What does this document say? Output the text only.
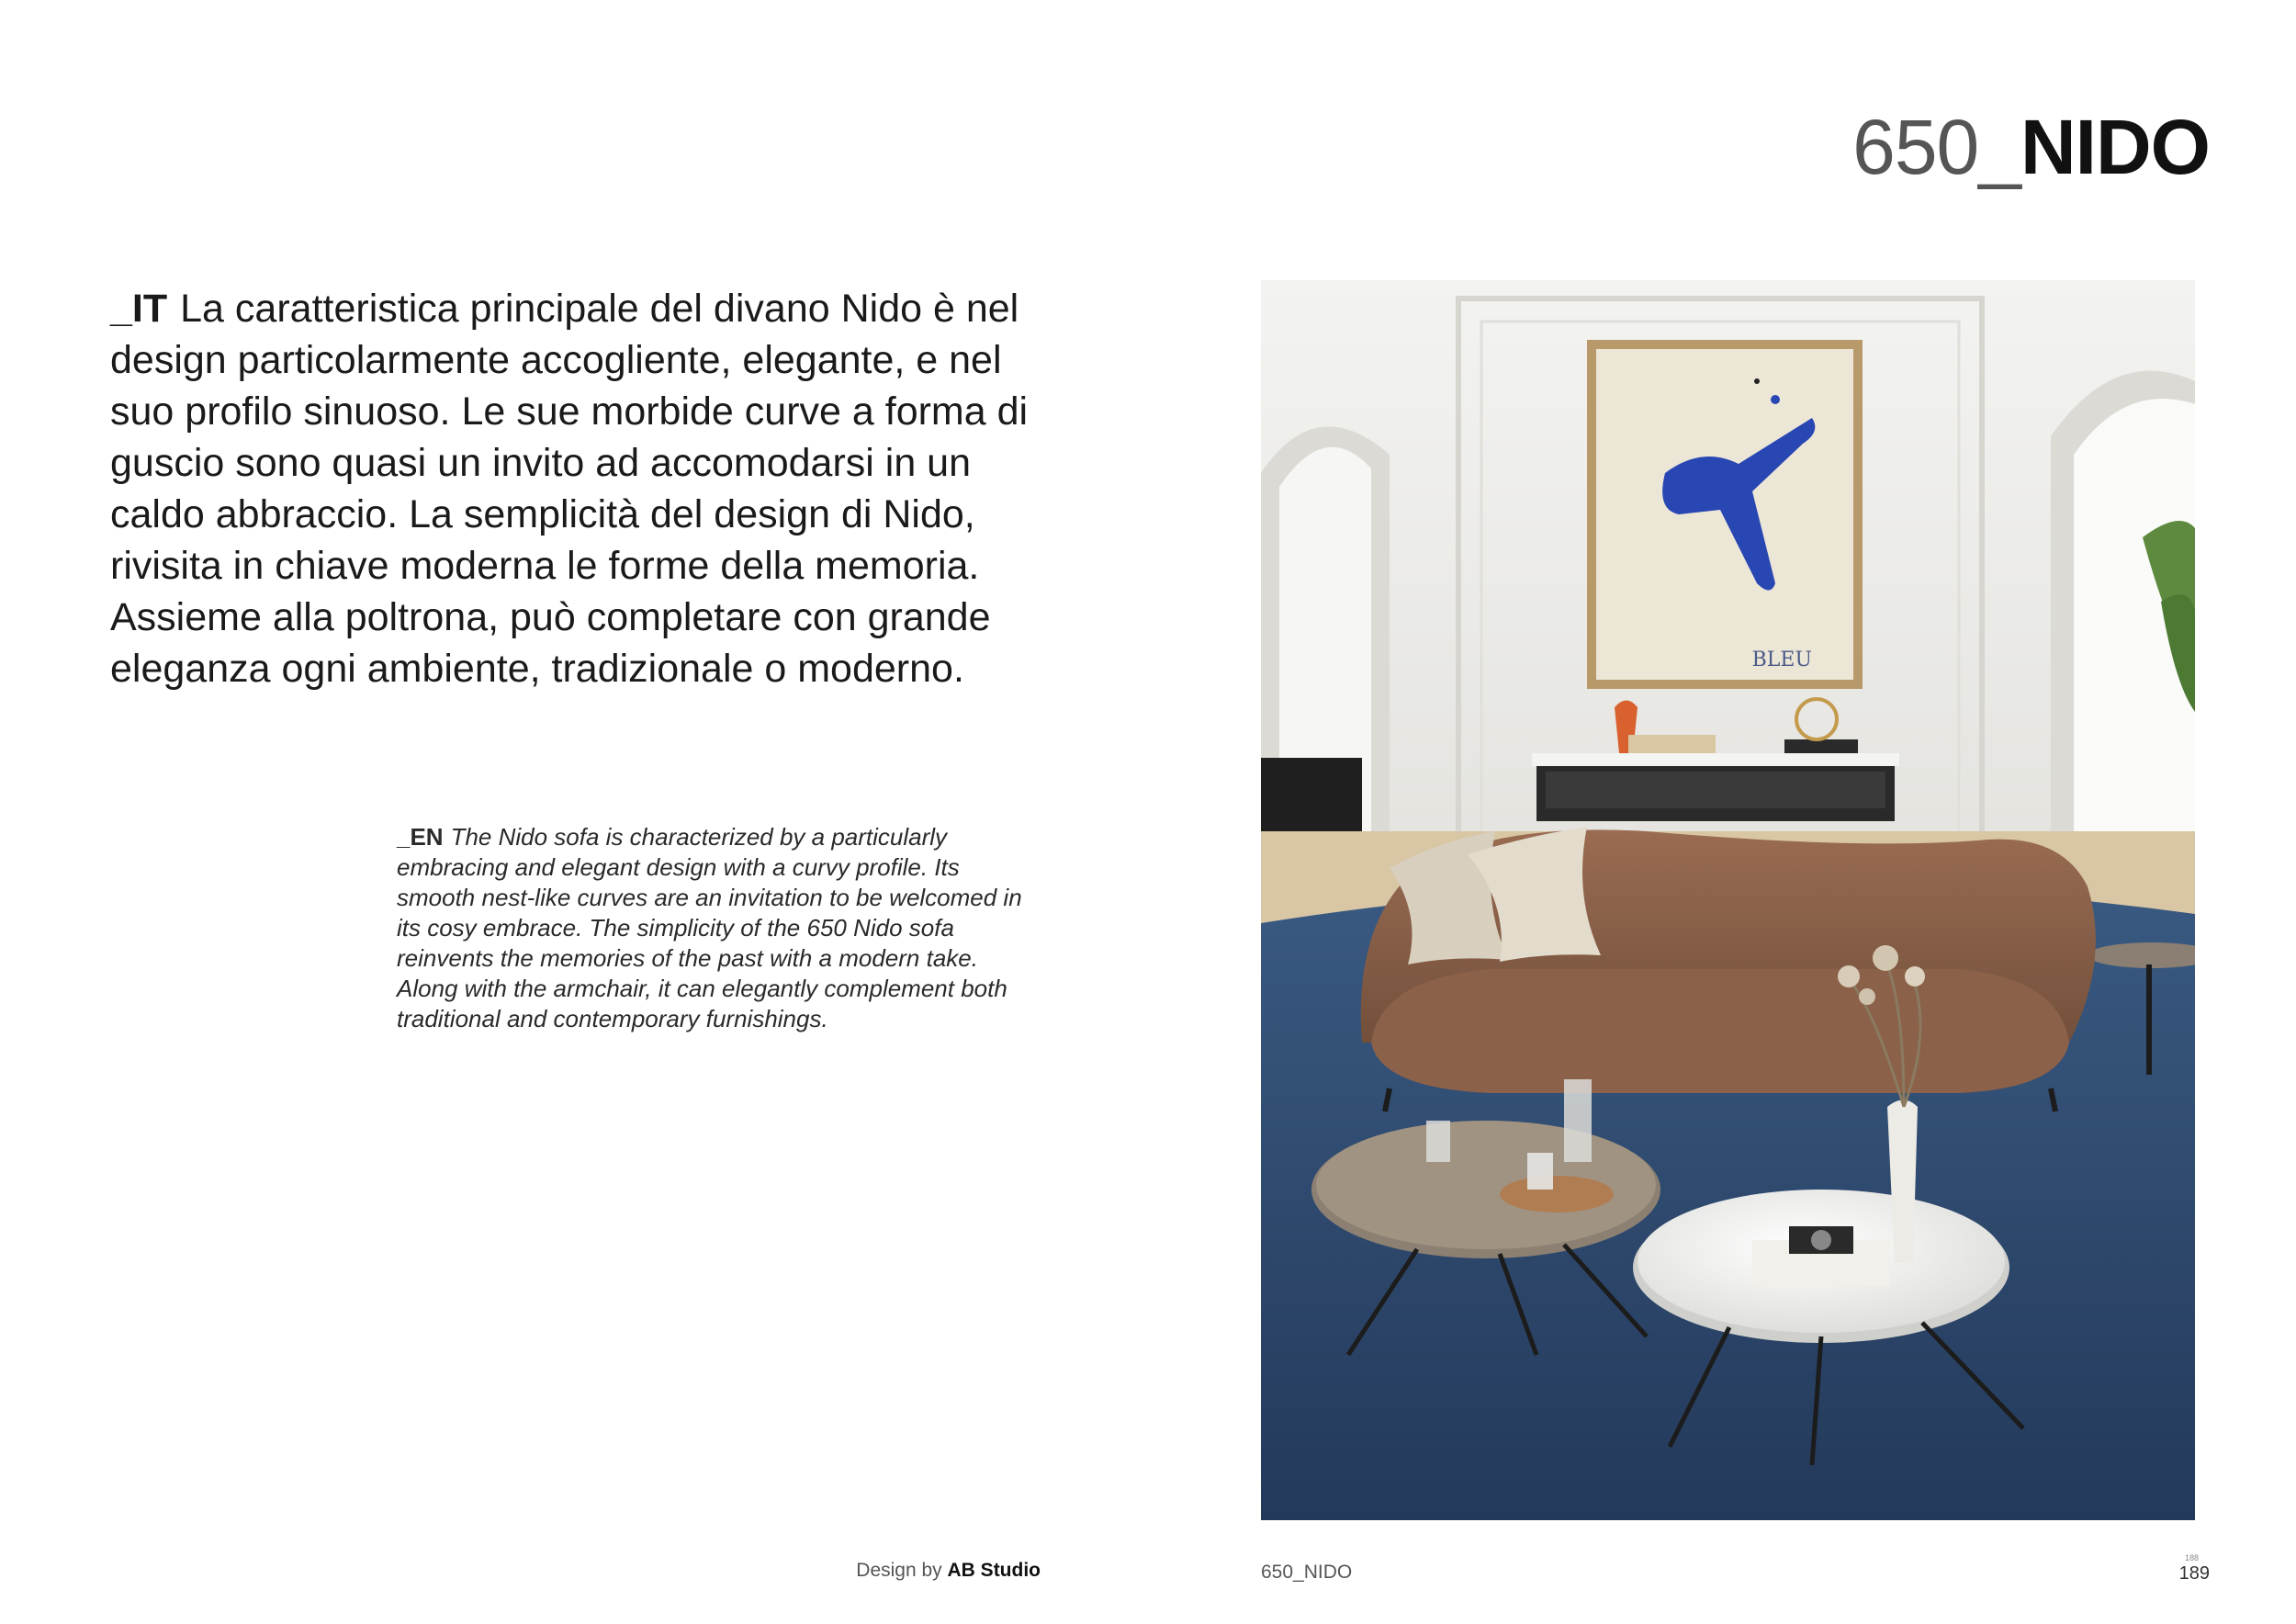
650_NIDO
_IT La caratteristica principale del divano Nido è nel design particolarmente accogliente, elegante, e nel suo profilo sinuoso. Le sue morbide curve a forma di guscio sono quasi un invito ad accomodarsi in un caldo abbraccio. La semplicità del design di Nido, rivisita in chiave moderna le forme della memoria. Assieme alla poltrona, può completare con grande eleganza ogni ambiente, tradizionale o moderno.
_EN The Nido sofa is characterized by a particularly embracing and elegant design with a curvy profile. Its smooth nest-like curves are an invitation to be welcomed in its cosy embrace. The simplicity of the 650 Nido sofa reinvents the memories of the past with a modern take. Along with the armchair, it can elegantly complement both traditional and contemporary furnishings.
Design by AB Studio
BLEU
650_NIDO
188
189
